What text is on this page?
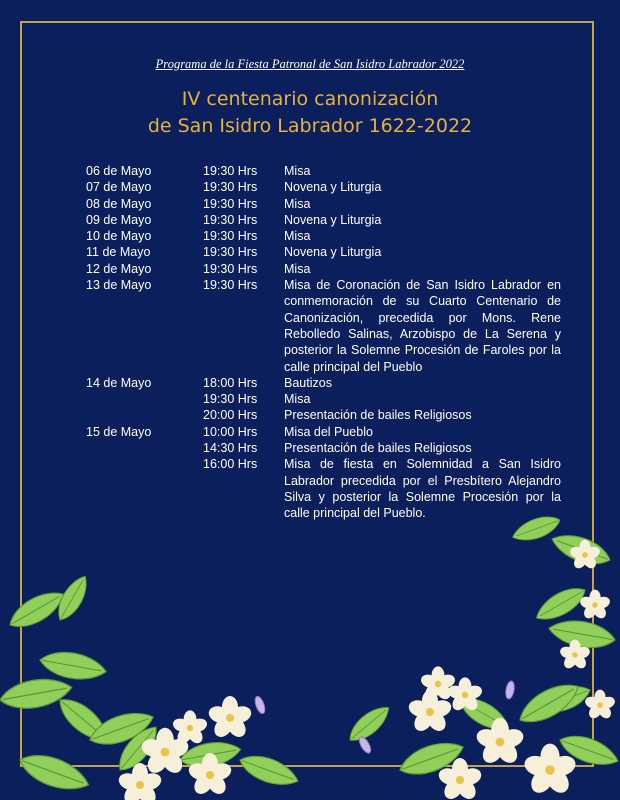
Programa de la Fiesta Patronal de San Isidro Labrador 2022
IV centenario canonización
de San Isidro Labrador 1622-2022
06 de Mayo	19:30 Hrs	Misa
07 de Mayo	19:30 Hrs	Novena y Liturgia
08 de Mayo	19:30 Hrs	Misa
09 de Mayo	19:30 Hrs	Novena y Liturgia
10 de Mayo	19:30 Hrs	Misa
11 de Mayo	19:30 Hrs	Novena y Liturgia
12 de Mayo	19:30 Hrs	Misa
13 de Mayo	19:30 Hrs	Misa de Coronación de San Isidro Labrador en conmemoración de su Cuarto Centenario de Canonización, precedida por Mons. Rene Rebolledo Salinas, Arzobispo de La Serena y posterior la Solemne Procesión de Faroles por la calle principal del Pueblo
14 de Mayo	18:00 Hrs	Bautizos
19:30 Hrs	Misa
20:00 Hrs	Presentación de bailes Religiosos
15 de Mayo	10:00 Hrs	Misa del Pueblo
14:30 Hrs	Presentación de bailes Religiosos
16:00 Hrs	Misa de fiesta en Solemnidad a San Isidro Labrador precedida por el Presbítero Alejandro Silva y posterior la Solemne Procesión por la calle principal del Pueblo.
